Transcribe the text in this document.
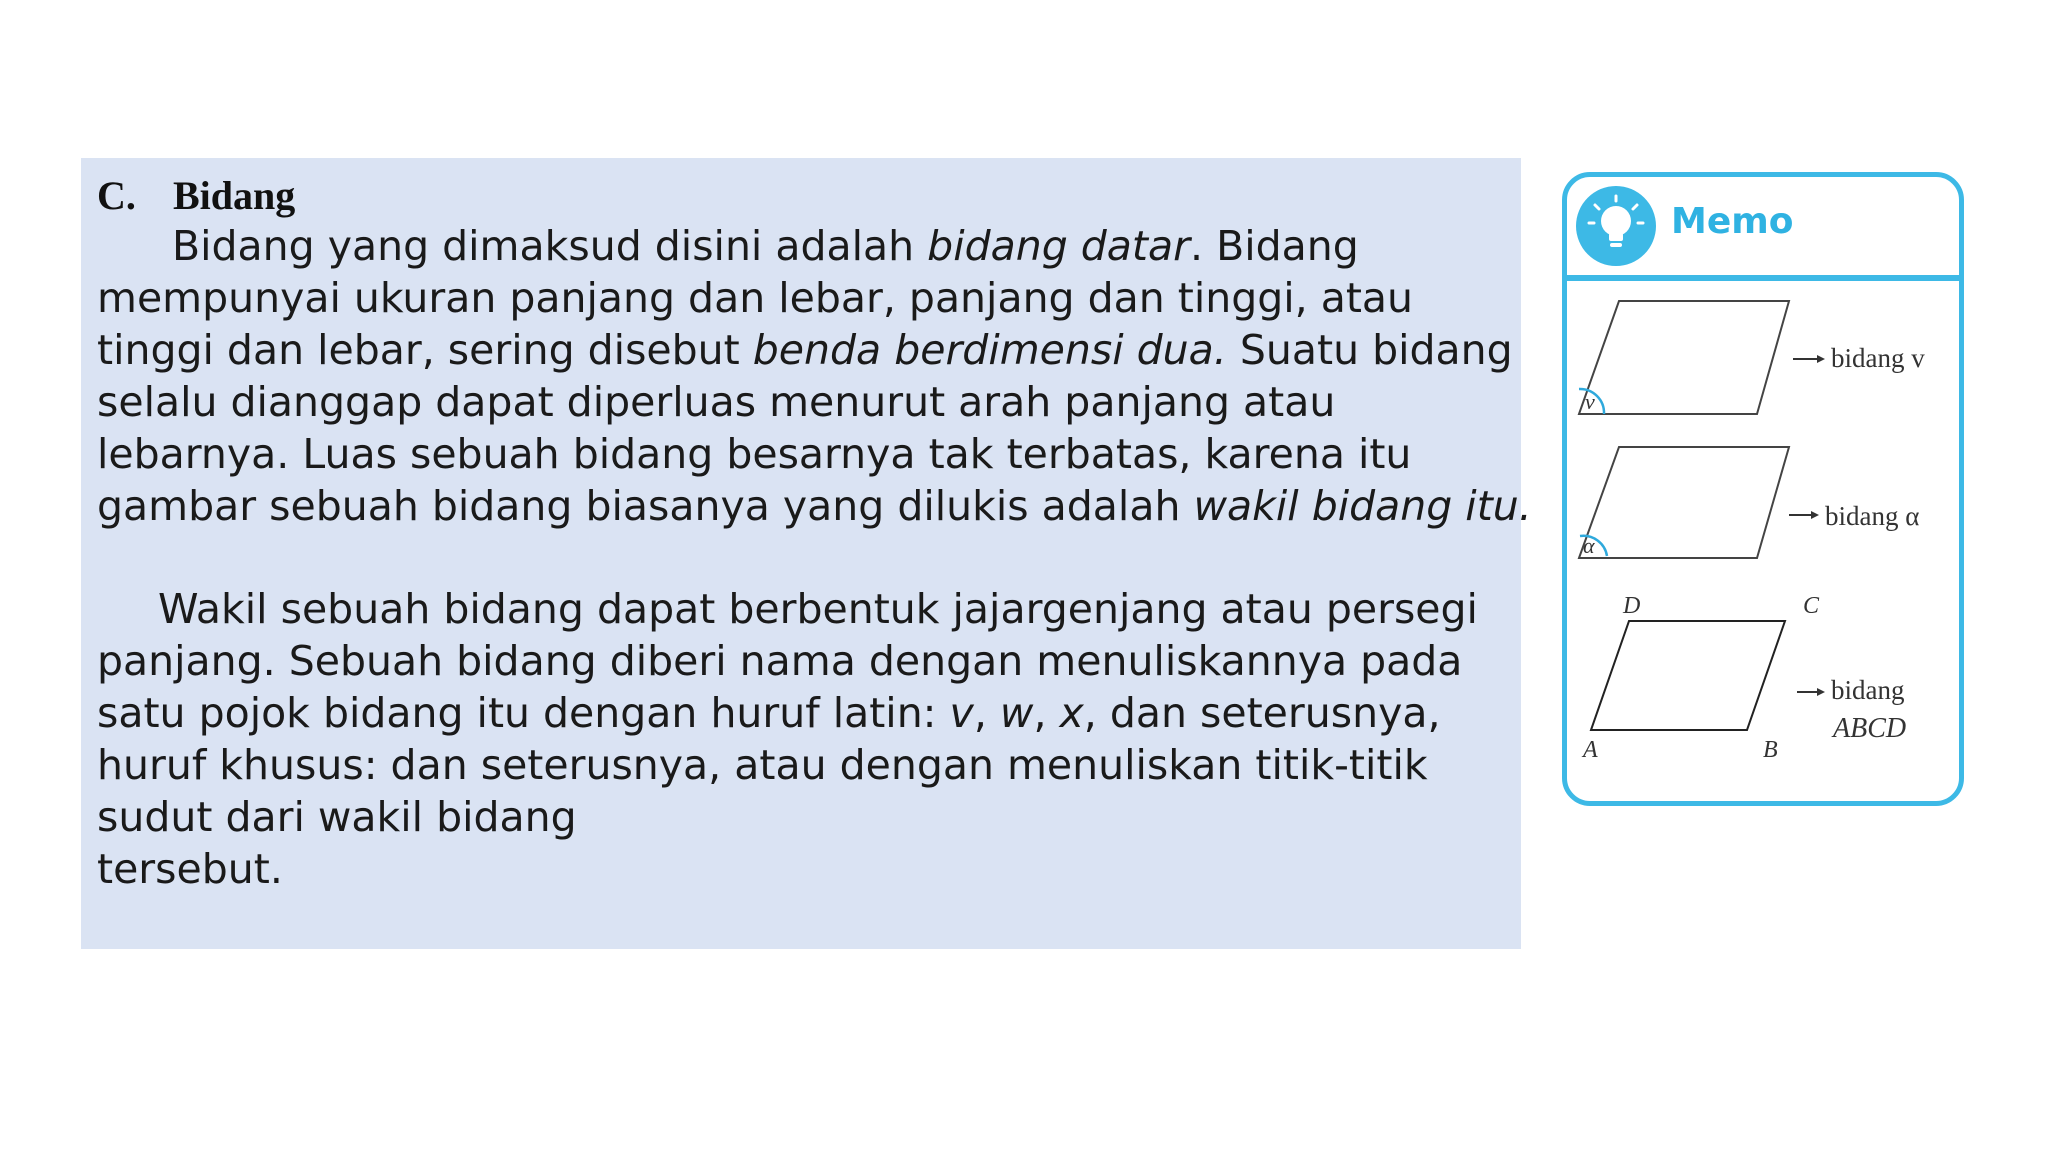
C. Bidang
Bidang yang dimaksud disini adalah bidang datar. Bidang
mempunyai ukuran panjang dan lebar, panjang dan tinggi, atau
tinggi dan lebar, sering disebut benda berdimensi dua. Suatu bidang
selalu dianggap dapat diperluas menurut arah panjang atau
lebarnya. Luas sebuah bidang besarnya tak terbatas, karena itu
gambar sebuah bidang biasanya yang dilukis adalah wakil bidang itu.
Wakil sebuah bidang dapat berbentuk jajargenjang atau persegi
panjang. Sebuah bidang diberi nama dengan menuliskannya pada
satu pojok bidang itu dengan huruf latin: v, w, x, dan seterusnya,
huruf khusus: dan seterusnya, atau dengan menuliskan titik-titik
sudut dari wakil bidang
tersebut.
Memo
v
bidang v
α
bidang α
D	C
A	B
bidang
ABCD
